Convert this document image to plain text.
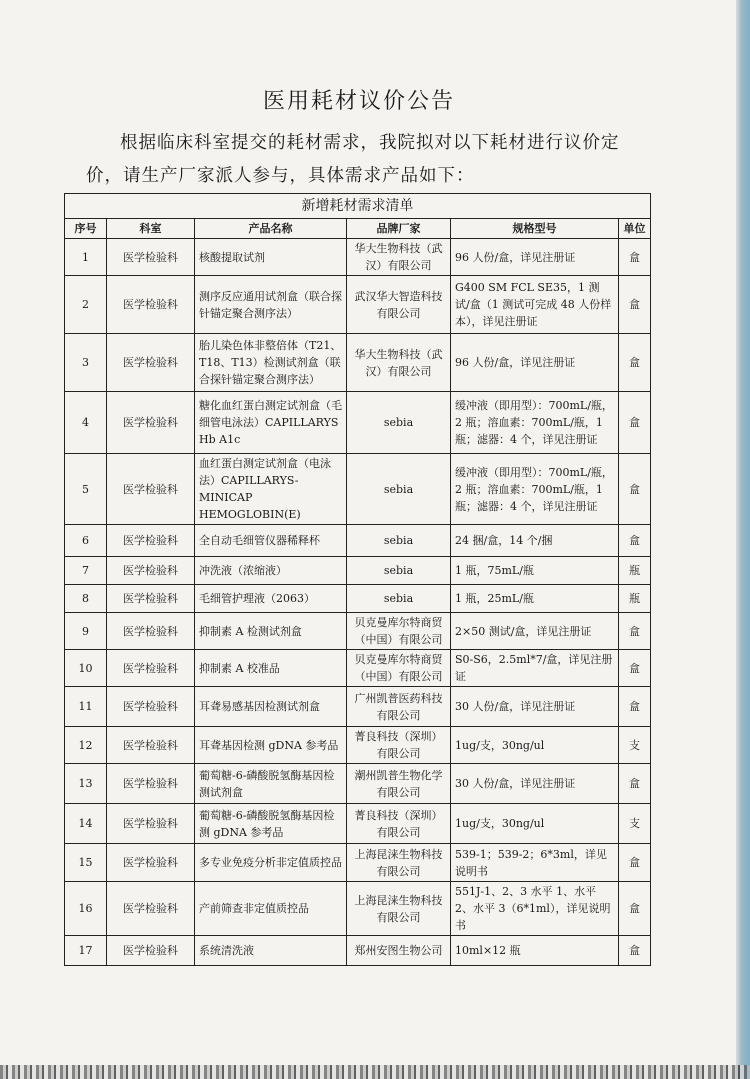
医用耗材议价公告
根据临床科室提交的耗材需求，我院拟对以下耗材进行议价定价，请生产厂家派人参与，具体需求产品如下：
新增耗材需求清单					
序号	科室	产品名称	品牌厂家	规格型号	单位
1	医学检验科	核酸提取试剂	华大生物科技（武汉）有限公司	96 人份/盒，详见注册证	盒
2	医学检验科	测序反应通用试剂盒（联合探针锚定聚合测序法）	武汉华大智造科技有限公司	G400 SM FCL SE35，1 测试/盒（1 测试可完成 48 人份样本），详见注册证	盒
3	医学检验科	胎儿染色体非整倍体（T21、T18、T13）检测试剂盒（联合探针锚定聚合测序法）	华大生物科技（武汉）有限公司	96 人份/盒，详见注册证	盒
4	医学检验科	糖化血红蛋白测定试剂盒（毛细管电泳法）CAPILLARYS Hb A1c	sebia	缓冲液（即用型）：700mL/瓶，2 瓶；溶血素：700mL/瓶，1 瓶；滤器：4 个，详见注册证	盒
5	医学检验科	血红蛋白测定试剂盒（电泳法）CAPILLARYS-MINICAP HEMOGLOBIN(E)	sebia	缓冲液（即用型）：700mL/瓶，2 瓶；溶血素：700mL/瓶，1 瓶；滤器：4 个，详见注册证	盒
6	医学检验科	全自动毛细管仪器稀释杯	sebia	24 捆/盒，14 个/捆	盒
7	医学检验科	冲洗液（浓缩液）	sebia	1 瓶，75mL/瓶	瓶
8	医学检验科	毛细管护理液（2063）	sebia	1 瓶，25mL/瓶	瓶
9	医学检验科	抑制素 A 检测试剂盒	贝克曼库尔特商贸（中国）有限公司	2×50 测试/盒，详见注册证	盒
10	医学检验科	抑制素 A 校准品	贝克曼库尔特商贸（中国）有限公司	S0-S6，2.5ml*7/盒，详见注册证	盒
11	医学检验科	耳聋易感基因检测试剂盒	广州凯普医药科技有限公司	30 人份/盒，详见注册证	盒
12	医学检验科	耳聋基因检测 gDNA 参考品	菁良科技（深圳）有限公司	1ug/支，30ng/ul	支
13	医学检验科	葡萄糖-6-磷酸脱氢酶基因检测试剂盒	潮州凯普生物化学有限公司	30 人份/盒，详见注册证	盒
14	医学检验科	葡萄糖-6-磷酸脱氢酶基因检测 gDNA 参考品	菁良科技（深圳）有限公司	1ug/支，30ng/ul	支
15	医学检验科	多专业免疫分析非定值质控品	上海昆涞生物科技有限公司	539-1；539-2；6*3ml，详见说明书	盒
16	医学检验科	产前筛查非定值质控品	上海昆涞生物科技有限公司	551J-1、2、3 水平 1、水平 2、水平 3（6*1ml），详见说明书	盒
17	医学检验科	系统清洗液	郑州安图生物公司	10ml×12 瓶	盒
